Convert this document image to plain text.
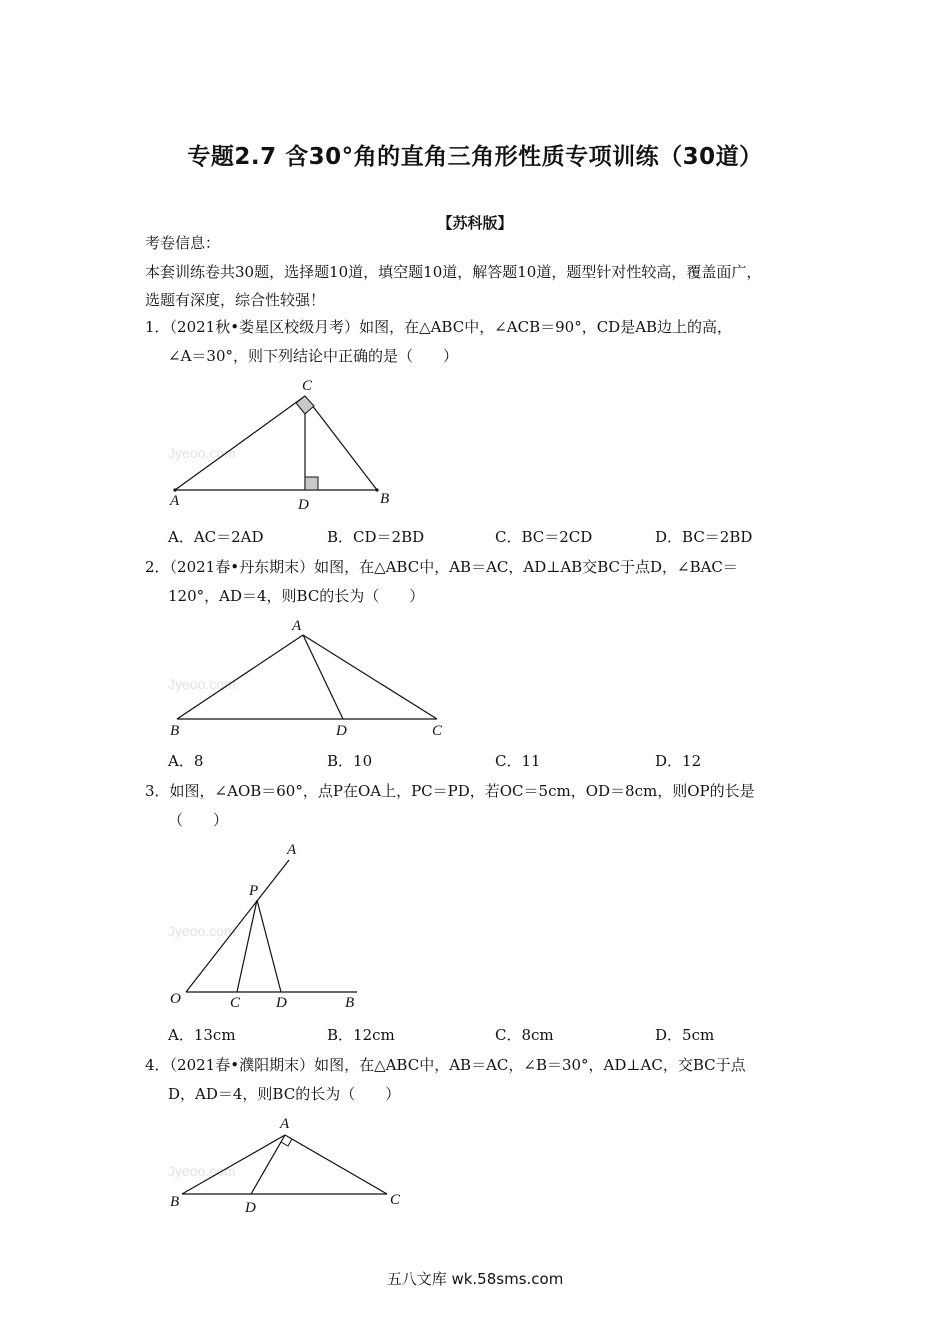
专题2.7 含30°角的直角三角形性质专项训练（30道）
【苏科版】
考卷信息：
本套训练卷共30题，选择题10道，填空题10道，解答题10道，题型针对性较高，覆盖面广，
选题有深度，综合性较强！
1．（2021秋•娄星区校级月考）如图，在△ABC中，∠ACB＝90°，CD是AB边上的高，
∠A＝30°，则下列结论中正确的是（　　）
Jyeoo.com
C
A	D	B
A．AC＝2AD	B．CD＝2BD	C．BC＝2CD	D．BC＝2BD
2．（2021春•丹东期末）如图，在△ABC中，AB＝AC，AD⊥AB交BC于点D，∠BAC＝
120°，AD＝4，则BC的长为（　　）
Jyeoo.com
A
B	D	C
A．8	B．10	C．11	D．12
3．如图，∠AOB＝60°，点P在OA上，PC＝PD，若OC＝5cm，OD＝8cm，则OP的长是
（　　）
Jyeoo.com
A
P
O	C D	B
A．13cm	B．12cm	C．8cm	D．5cm
4．（2021春•濮阳期末）如图，在△ABC中，AB＝AC，∠B＝30°，AD⊥AC，交BC于点
D，AD＝4，则BC的长为（　　）
Jyeoo.com
A
B	D	C
五八文库 wk.58sms.com
